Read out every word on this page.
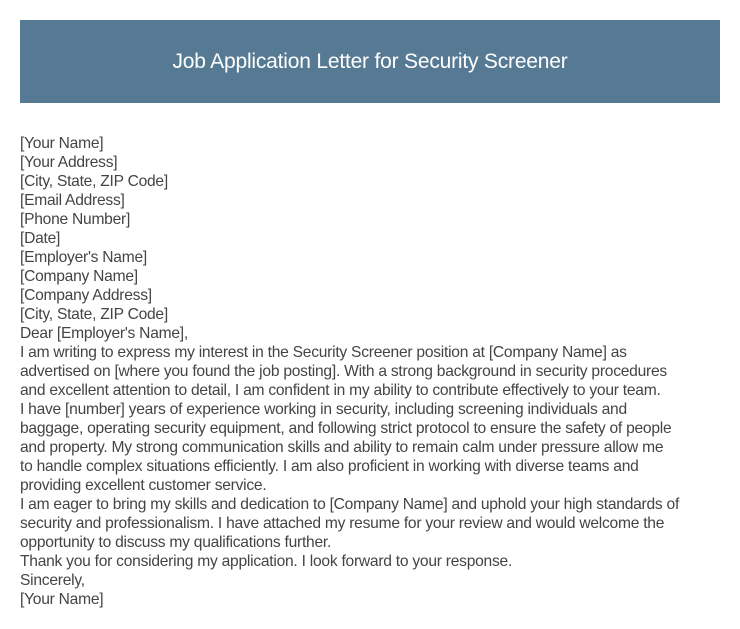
Job Application Letter for Security Screener
[Your Name]
[Your Address]
[City, State, ZIP Code]
[Email Address]
[Phone Number]
[Date]
[Employer's Name]
[Company Name]
[Company Address]
[City, State, ZIP Code]
Dear [Employer's Name],
I am writing to express my interest in the Security Screener position at [Company Name] as
advertised on [where you found the job posting]. With a strong background in security procedures
and excellent attention to detail, I am confident in my ability to contribute effectively to your team.
I have [number] years of experience working in security, including screening individuals and
baggage, operating security equipment, and following strict protocol to ensure the safety of people
and property. My strong communication skills and ability to remain calm under pressure allow me
to handle complex situations efficiently. I am also proficient in working with diverse teams and
providing excellent customer service.
I am eager to bring my skills and dedication to [Company Name] and uphold your high standards of
security and professionalism. I have attached my resume for your review and would welcome the
opportunity to discuss my qualifications further.
Thank you for considering my application. I look forward to your response.
Sincerely,
[Your Name]
